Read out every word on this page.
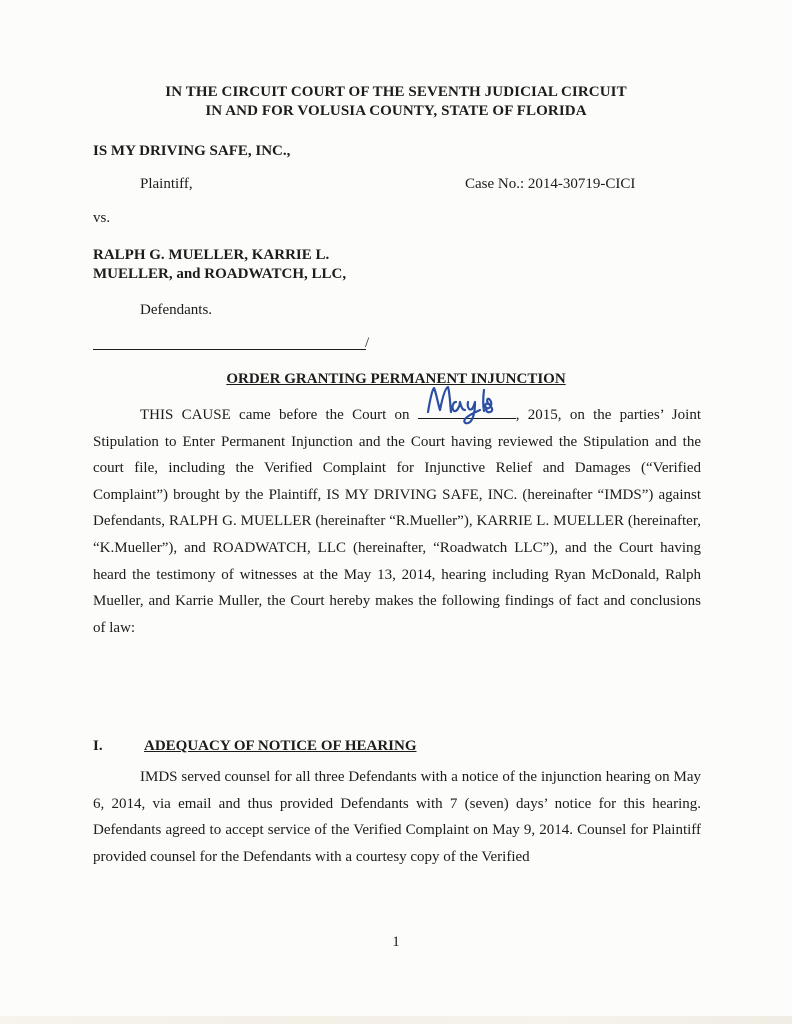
IN THE CIRCUIT COURT OF THE SEVENTH JUDICIAL CIRCUIT
IN AND FOR VOLUSIA COUNTY, STATE OF FLORIDA
IS MY DRIVING SAFE, INC.,
Plaintiff,	Case No.: 2014-30719-CICI
vs.
RALPH G. MUELLER, KARRIE L.
MUELLER, and ROADWATCH, LLC,
Defendants.
/
ORDER GRANTING PERMANENT INJUNCTION
THIS CAUSE came before the Court on	, 2015, on the parties’ Joint Stipulation to Enter Permanent Injunction and the Court having reviewed the Stipulation and the court file, including the Verified Complaint for Injunctive Relief and Damages (“Verified Complaint”) brought by the Plaintiff, IS MY DRIVING SAFE, INC. (hereinafter “IMDS”) against Defendants, RALPH G. MUELLER (hereinafter “R.Mueller”), KARRIE L. MUELLER (hereinafter, “K.Mueller”), and ROADWATCH, LLC (hereinafter, “Roadwatch LLC”), and the Court having heard the testimony of witnesses at the May 13, 2014, hearing including Ryan McDonald, Ralph Mueller, and Karrie Muller, the Court hereby makes the following findings of fact and conclusions of law:
I.	ADEQUACY OF NOTICE OF HEARING
IMDS served counsel for all three Defendants with a notice of the injunction hearing on May 6, 2014, via email and thus provided Defendants with 7 (seven) days’ notice for this hearing. Defendants agreed to accept service of the Verified Complaint on May 9, 2014. Counsel for Plaintiff provided counsel for the Defendants with a courtesy copy of the Verified
1
